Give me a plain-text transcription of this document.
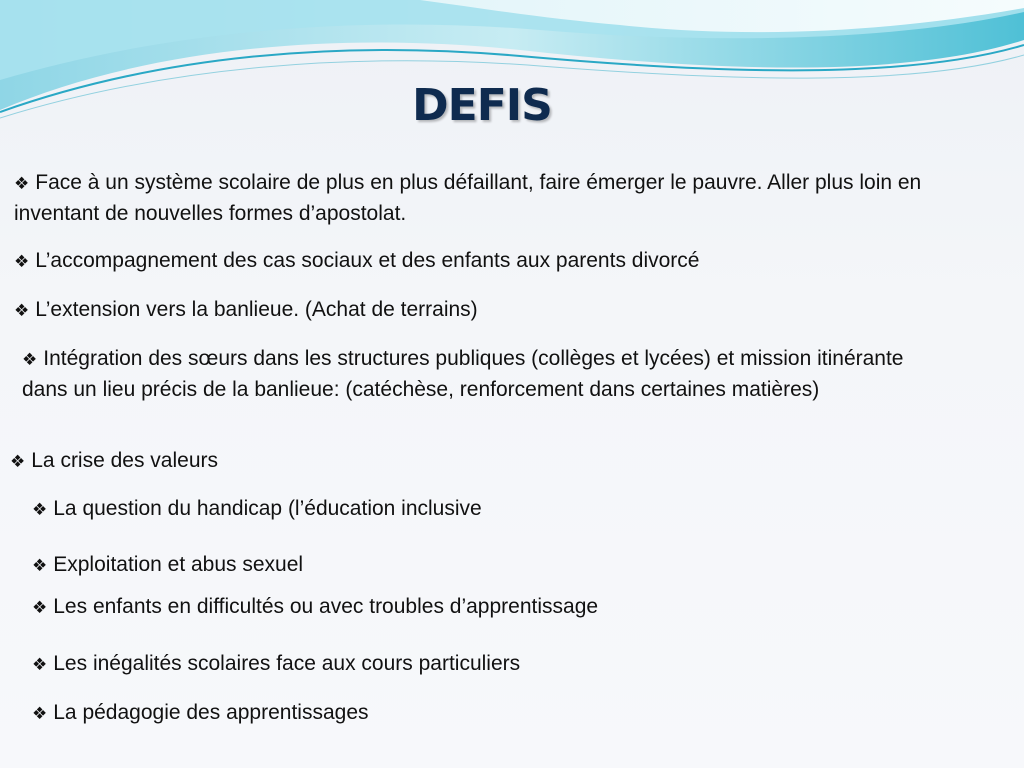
DEFIS
❖ Face à un système scolaire de plus en plus défaillant, faire émerger le pauvre. Aller plus loin en inventant de nouvelles formes d’apostolat.
❖ L’accompagnement des cas sociaux et des enfants aux parents divorcé
❖ L’extension vers la banlieue. (Achat de terrains)
❖ Intégration des sœurs dans les structures publiques (collèges et lycées) et mission itinérante dans un lieu précis de la banlieue: (catéchèse, renforcement dans certaines matières)
❖ La crise des valeurs
❖ La question du handicap (l’éducation inclusive
❖ Exploitation et abus sexuel
❖ Les enfants en difficultés ou avec troubles d’apprentissage
❖ Les inégalités scolaires face aux cours particuliers
❖ La pédagogie des apprentissages
